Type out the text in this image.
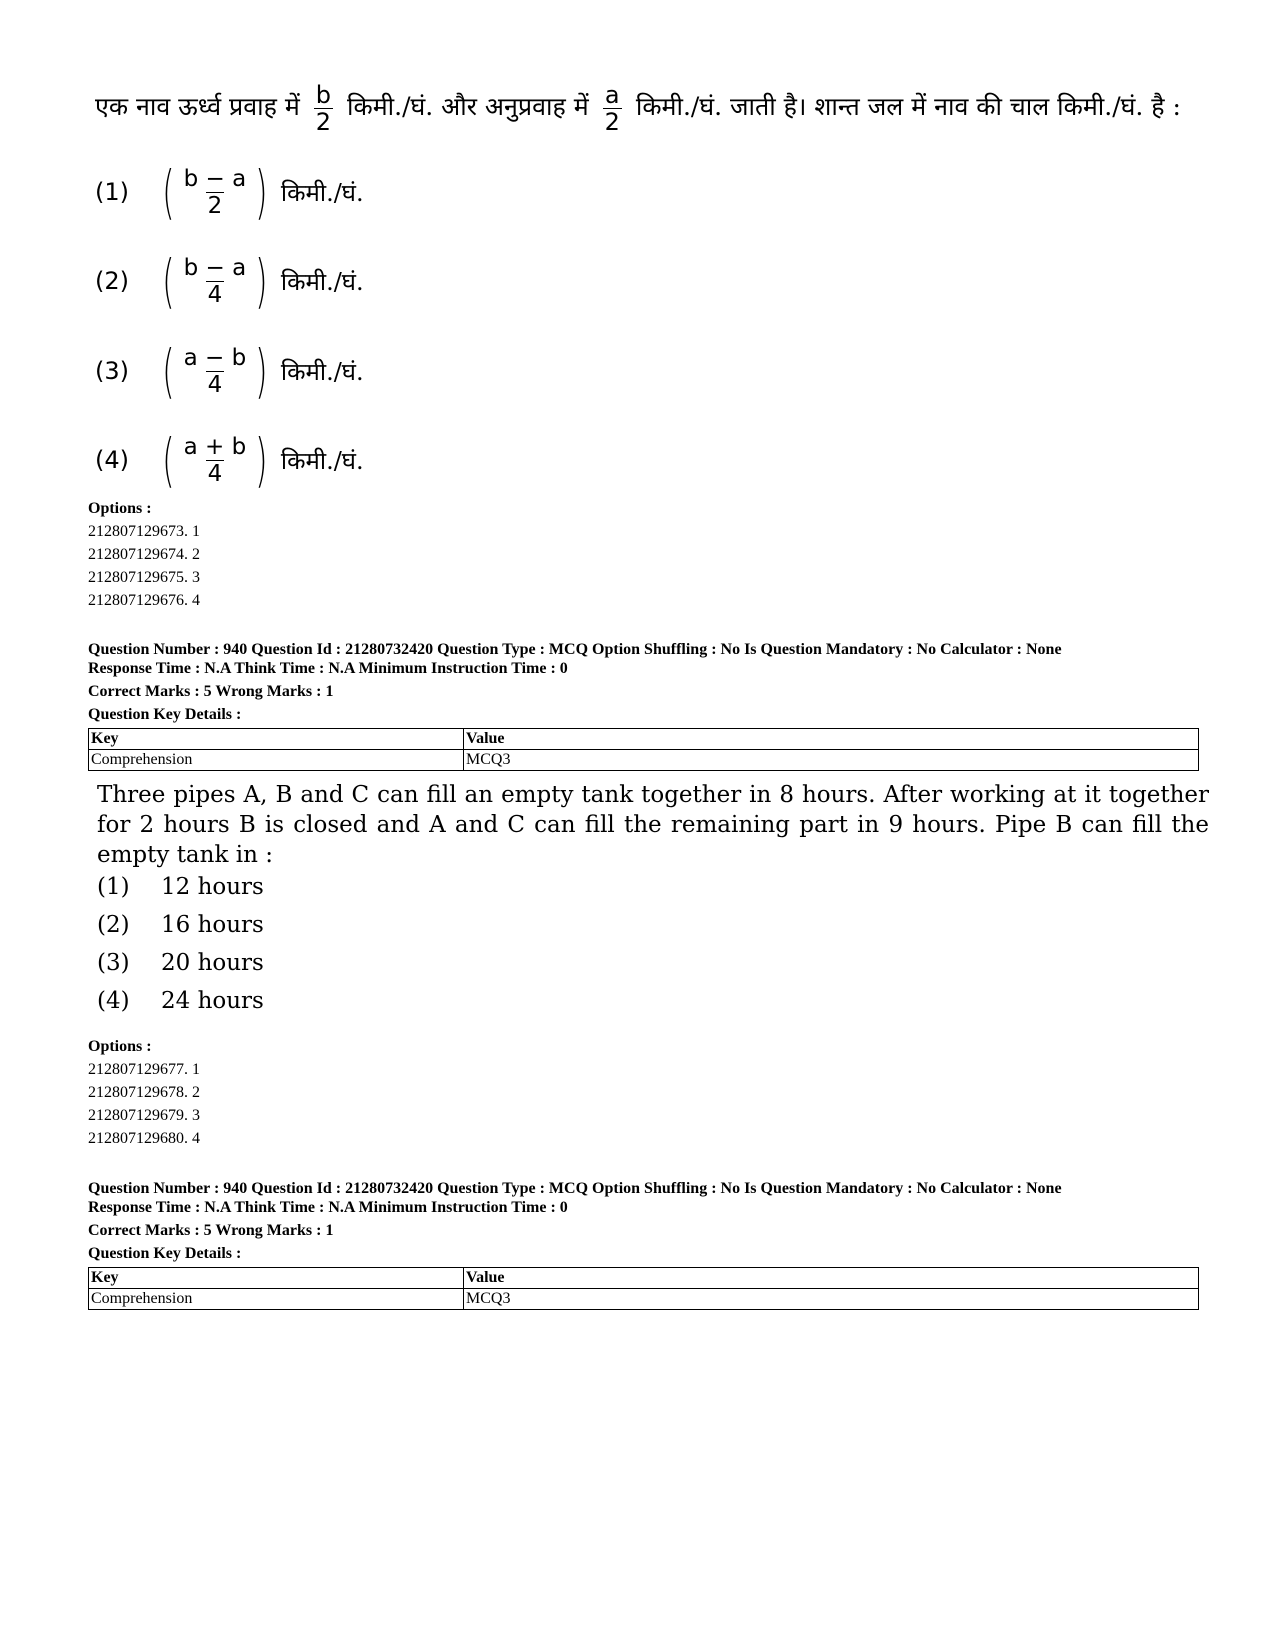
एक नाव ऊर्ध्व प्रवाह में $\frac{b}{2}$ किमी./घं. और अनुप्रवाह में $\frac{a}{2}$ किमी./घं. जाती है। शान्त जल में नाव की चाल किमी./घं. है :
(1) ( $\frac{b - a}{2}$ ) किमी./घं.
(2) ( $\frac{b - a}{4}$ ) किमी./घं.
(3) ( $\frac{a - b}{4}$ ) किमी./घं.
(4) ( $\frac{a + b}{4}$ ) किमी./घं.
Options :
212807129673. 1
212807129674. 2
212807129675. 3
212807129676. 4
Question Number : 940 Question Id : 21280732420 Question Type : MCQ Option Shuffling : No Is Question Mandatory : No Calculator : None
Response Time : N.A Think Time : N.A Minimum Instruction Time : 0
Correct Marks : 5 Wrong Marks : 1
Question Key Details :
Key	Value
Comprehension	MCQ3
Three pipes A, B and C can fill an empty tank together in 8 hours. After working at it together for 2 hours B is closed and A and C can fill the remaining part in 9 hours. Pipe B can fill the empty tank in :
(1)	12 hours
(2)	16 hours
(3)	20 hours
(4)	24 hours
Options :
212807129677. 1
212807129678. 2
212807129679. 3
212807129680. 4
Question Number : 940 Question Id : 21280732420 Question Type : MCQ Option Shuffling : No Is Question Mandatory : No Calculator : None
Response Time : N.A Think Time : N.A Minimum Instruction Time : 0
Correct Marks : 5 Wrong Marks : 1
Question Key Details :
Key	Value
Comprehension	MCQ3
